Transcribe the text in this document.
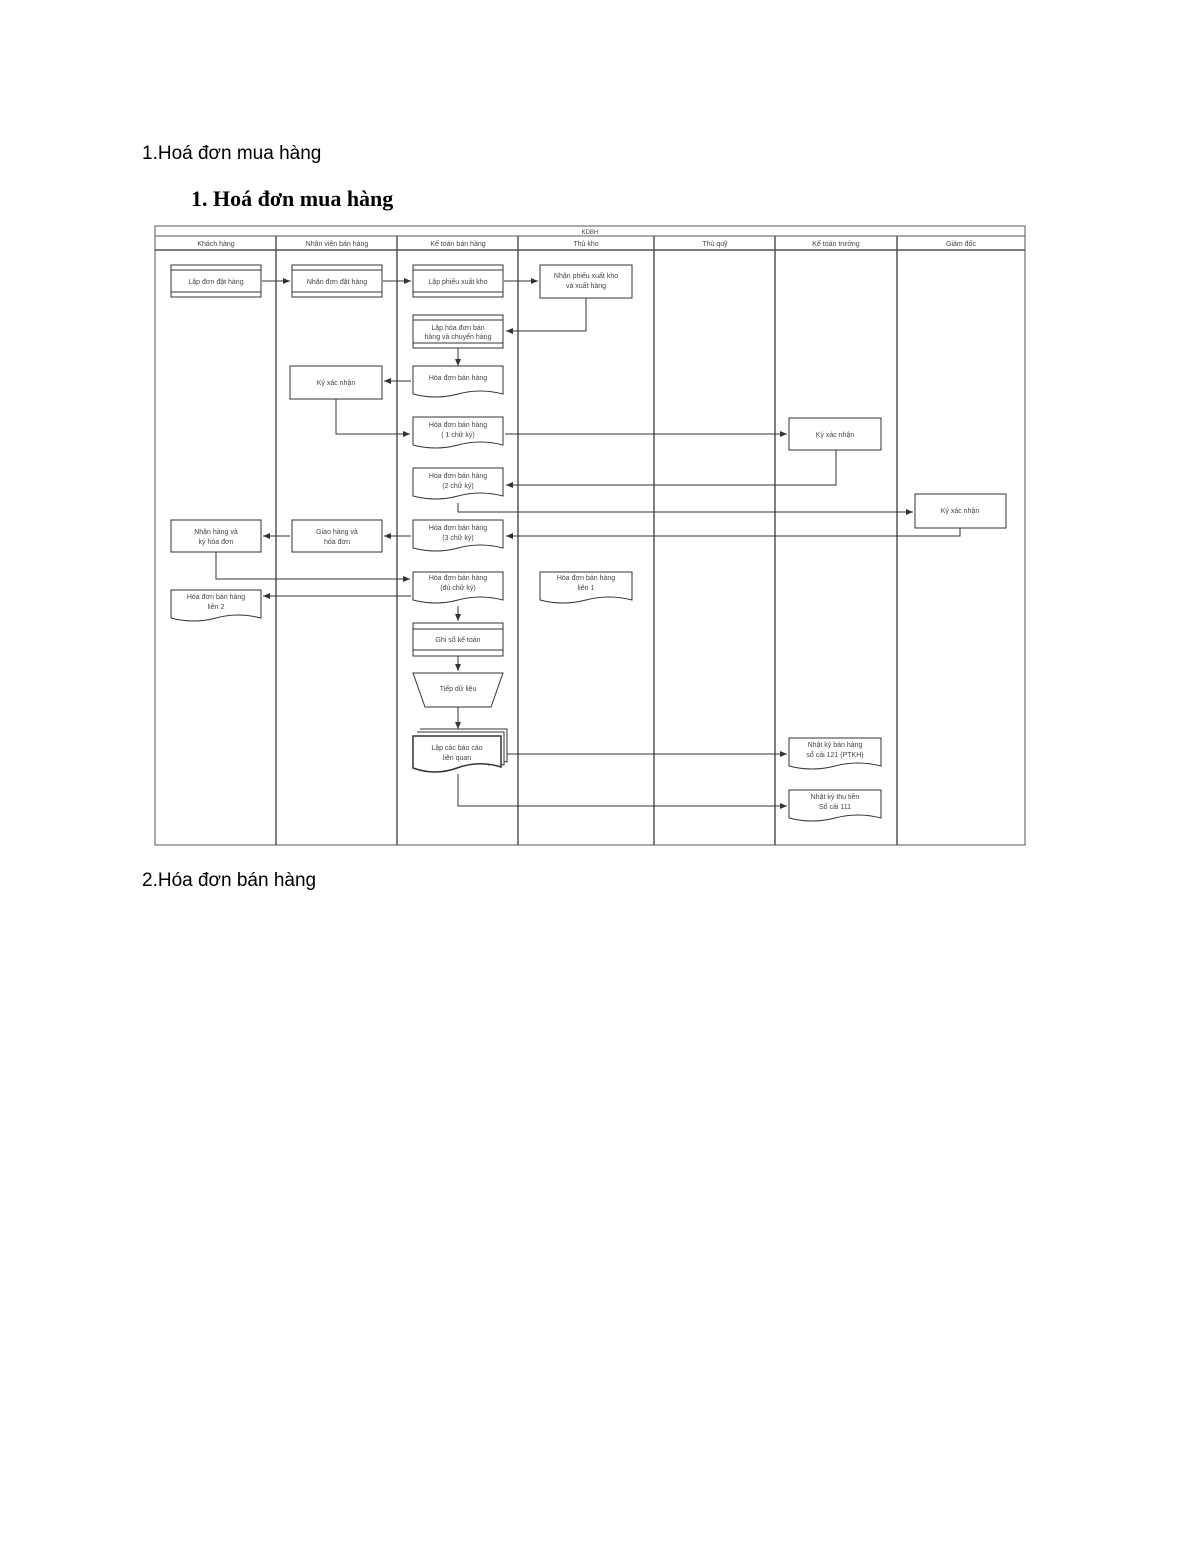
1.Hoá đơn mua hàng
1. Hoá đơn mua hàng
KDBH
Khách hàng	Nhân viên bán hàng	Kế toán bán hàng	Thủ kho	Thủ quỹ	Kế toán trưởng	Giám đốc
Lập đơn đặt hàng	Nhận đơn đặt hàng	Lập phiếu xuất kho
Nhận phiếu xuất kho
và xuất hàng
Lập hóa đơn bán
hàng và chuyển hàng
Ký xác nhận
Hóa đơn bán hàng
Hóa đơn bán hàng
( 1 chữ ký)	Ký xác nhận
Hóa đơn bán hàng
(2 chữ ký)
Ký xác nhận
Hóa đơn bán hàng
(3 chữ ký)
Giao hàng và
hóa đơn
Nhận hàng và
ký hóa đơn
Hóa đơn bán hàng
(đủ chữ ký)
Hóa đơn bán hàng
liên 1
Hóa đơn bán hàng
liên 2
Ghi sổ kế toán
Tiếp dữ liệu
Lập các báo cáo
liên quan
Nhật ký bán hàng
sổ cái 121 (PTKH)
Nhật ký thu tiền
Sổ cái 111
2.Hóa đơn bán hàng
